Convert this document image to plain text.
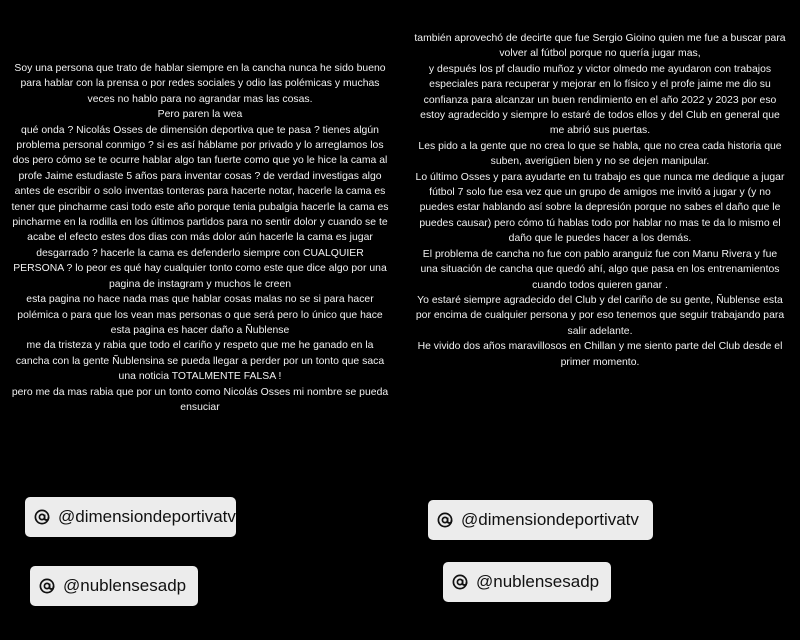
Soy una persona que trato de hablar siempre en la cancha nunca he sido bueno para hablar con la prensa o por redes sociales y odio las polémicas y muchas veces no hablo para no agrandar mas las cosas.

Pero paren la wea

qué onda ? Nicolás Osses de dimensión deportiva que te pasa ? tienes algún problema personal conmigo ? si es así háblame por privado y lo arreglamos los dos pero cómo se te ocurre hablar algo tan fuerte como que yo le hice la cama al profe Jaime estudiaste 5 años para inventar cosas ? de verdad investigas algo antes de escribir o solo inventas tonteras para hacerte notar, hacerle la cama es tener que pincharme casi todo este año porque tenia pubalgia hacerle la cama es pincharme en la rodilla en los últimos partidos para no sentir dolor y cuando se te acabe el efecto estes dos dias con más dolor aún hacerle la cama es jugar desgarrado ? hacerle la cama es defenderlo siempre con CUALQUIER PERSONA ? lo peor es qué hay cualquier tonto como este que dice algo por una pagina de instagram y muchos le creen

esta pagina no hace nada mas que hablar cosas malas no se si para hacer polémica o para que los vean mas personas o que será pero lo único que hace esta pagina es hacer daño a Ñublense

me da tristeza y rabia que todo el cariño y respeto que me he ganado en la cancha con la gente Ñublensina se pueda llegar a perder por un tonto que saca una noticia TOTALMENTE FALSA !

pero me da mas rabia que por un tonto como Nicolás Osses mi nombre se pueda ensuciar

@dimensiondeportivatv
@nublensesadp

también aprovechó de decirte que fue Sergio Gioino quien me fue a buscar para volver al fútbol porque no quería jugar mas,

y después los pf claudio muñoz y victor olmedo me ayudaron con trabajos especiales para recuperar y mejorar en lo físico y el profe jaime me dio su confianza para alcanzar un buen rendimiento en el año 2022 y 2023 por eso estoy agradecido y siempre lo estaré de todos ellos y del Club en general que me abrió sus puertas.

Les pido a la gente que no crea lo que se habla, que no crea cada historia que suben, averigüen bien y no se dejen manipular.

Lo último Osses y para ayudarte en tu trabajo es que nunca me dedique a jugar fútbol 7 solo fue esa vez que un grupo de amigos me invitó a jugar y (y no puedes estar hablando así sobre la depresión porque no sabes el daño que le puedes causar) pero cómo tú hablas todo por hablar no mas te da lo mismo el daño que le puedes hacer a los demás.

El problema de cancha no fue con pablo aranguiz fue con Manu Rivera y fue una situación de cancha que quedó ahí, algo que pasa en los entrenamientos cuando todos quieren ganar .

Yo estaré siempre agradecido del Club y del cariño de su gente, Ñublense esta por encima de cualquier persona y por eso tenemos que seguir trabajando para salir adelante.

He vivido dos años maravillosos en Chillan y me siento parte del Club desde el primer momento.

@dimensiondeportivatv
@nublensesadp
